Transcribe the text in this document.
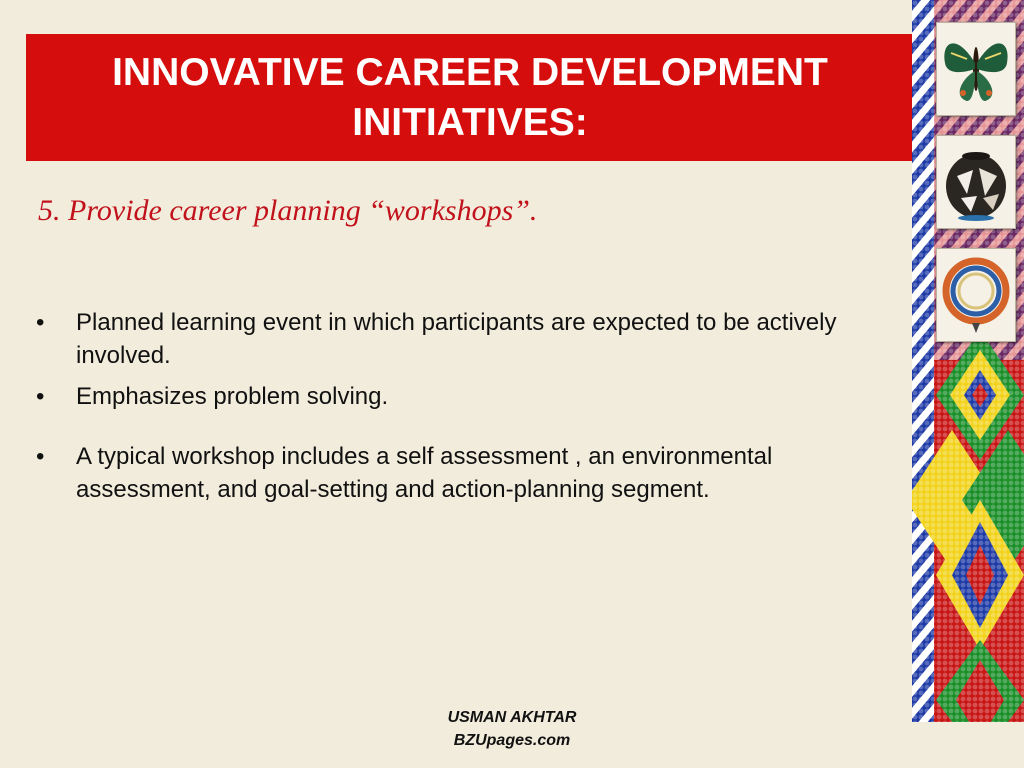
INNOVATIVE CAREER DEVELOPMENT
INITIATIVES:
5. Provide career planning “workshops”.
•	Planned learning event in which participants are expected to be actively involved.
•	Emphasizes problem solving.
•	A typical workshop includes a self assessment , an environmental assessment, and goal-setting and action-planning segment.
USMAN AKHTAR
BZUpages.com
